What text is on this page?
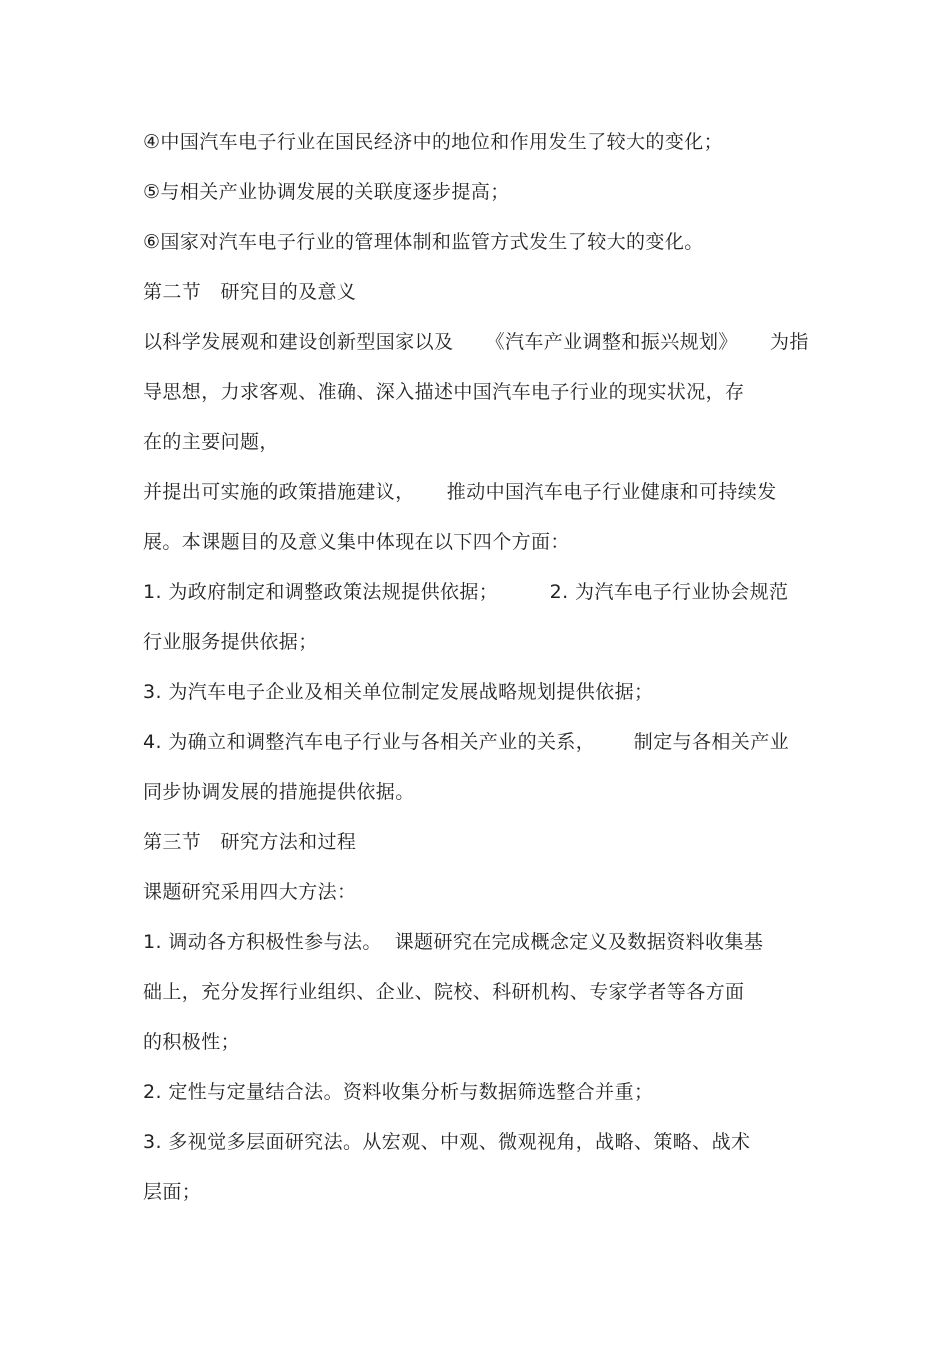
④中国汽车电子行业在国民经济中的地位和作用发生了较大的变化；
⑤与相关产业协调发展的关联度逐步提高；
⑥国家对汽车电子行业的管理体制和监管方式发生了较大的变化。
第二节   研究目的及意义
以科学发展观和建设创新型国家以及     《汽车产业调整和振兴规划》     为指
导思想，力求客观、准确、深入描述中国汽车电子行业的现实状况，存
在的主要问题，
并提出可实施的政策措施建议，     推动中国汽车电子行业健康和可持续发
展。本课题目的及意义集中体现在以下四个方面：
1. 为政府制定和调整政策法规提供依据；        2. 为汽车电子行业协会规范
行业服务提供依据；
3. 为汽车电子企业及相关单位制定发展战略规划提供依据；
4. 为确立和调整汽车电子行业与各相关产业的关系，      制定与各相关产业
同步协调发展的措施提供依据。
第三节   研究方法和过程
课题研究采用四大方法：
1. 调动各方积极性参与法。  课题研究在完成概念定义及数据资料收集基
础上，充分发挥行业组织、企业、院校、科研机构、专家学者等各方面
的积极性；
2. 定性与定量结合法。资料收集分析与数据筛选整合并重；
3. 多视觉多层面研究法。从宏观、中观、微观视角，战略、策略、战术
层面；
